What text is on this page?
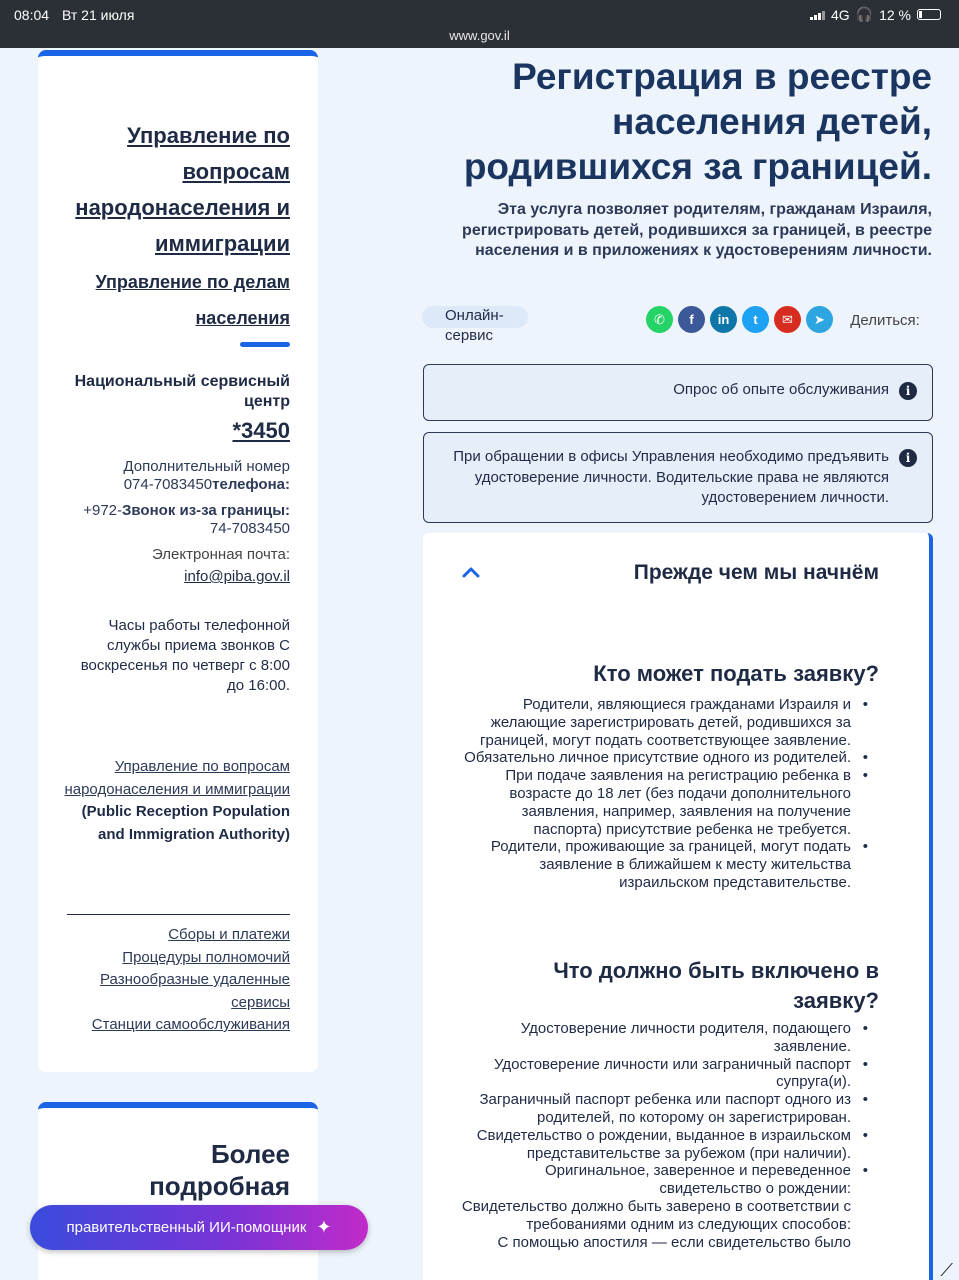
08:04 Вт 21 июля	4G 🎧 12 %
www.gov.il
Управление по вопросам народонаселения и иммиграции
Управление по делам населения
Национальный сервисный центр
*3450
Дополнительный номер
074-7083450телефона:
+972-Звонок из-за границы:
74-7083450
Электронная почта:
info@piba.gov.il
Часы работы телефонной службы приема звонков С воскресенья по четверг с 8:00 до 16:00.
Управление по вопросам народонаселения и иммиграции (Public Reception Population and Immigration Authority)
Сборы и платежи
Процедуры полномочий
Разнообразные удаленные сервисы
Станции самообслуживания
Более подробная
правительственный ИИ-помощник ✦
Регистрация в реестре населения детей, родившихся за границей.

Эта услуга позволяет родителям, гражданам Израиля, регистрировать детей, родившихся за границей, в реестре населения и в приложениях к удостоверениям личности.

Онлайн-сервис
✆	f	in	t	✉	➤	Делиться:
Опрос об опыте обслуживания	i
При обращении в офисы Управления необходимо предъявить удостоверение личности. Водительские права не являются удостоверением личности.
i
Прежде чем мы начнём
Кто может подать заявку?
Родители, являющиеся гражданами Израиля и желающие зарегистрировать детей, родившихся за границей, могут подать соответствующее заявление. •
Обязательно личное присутствие одного из родителей. •
При подаче заявления на регистрацию ребенка в возрасте до 18 лет (без подачи дополнительного заявления, например, заявления на получение паспорта) присутствие ребенка не требуется. •
Родители, проживающие за границей, могут подать заявление в ближайшем к месту жительства израильском представительстве. •
Что должно быть включено в заявку?
Удостоверение личности родителя, подающего заявление. •
Удостоверение личности или заграничный паспорт супруга(и). •
Заграничный паспорт ребенка или паспорт одного из родителей, по которому он зарегистрирован. •
Свидетельство о рождении, выданное в израильском представительстве за рубежом (при наличии). •
Оригинальное, заверенное и переведенное свидетельство о рождении: •
Свидетельство должно быть заверено в соответствии с требованиями одним из следующих способов:
С помощью апостиля — если свидетельство было
⟋
